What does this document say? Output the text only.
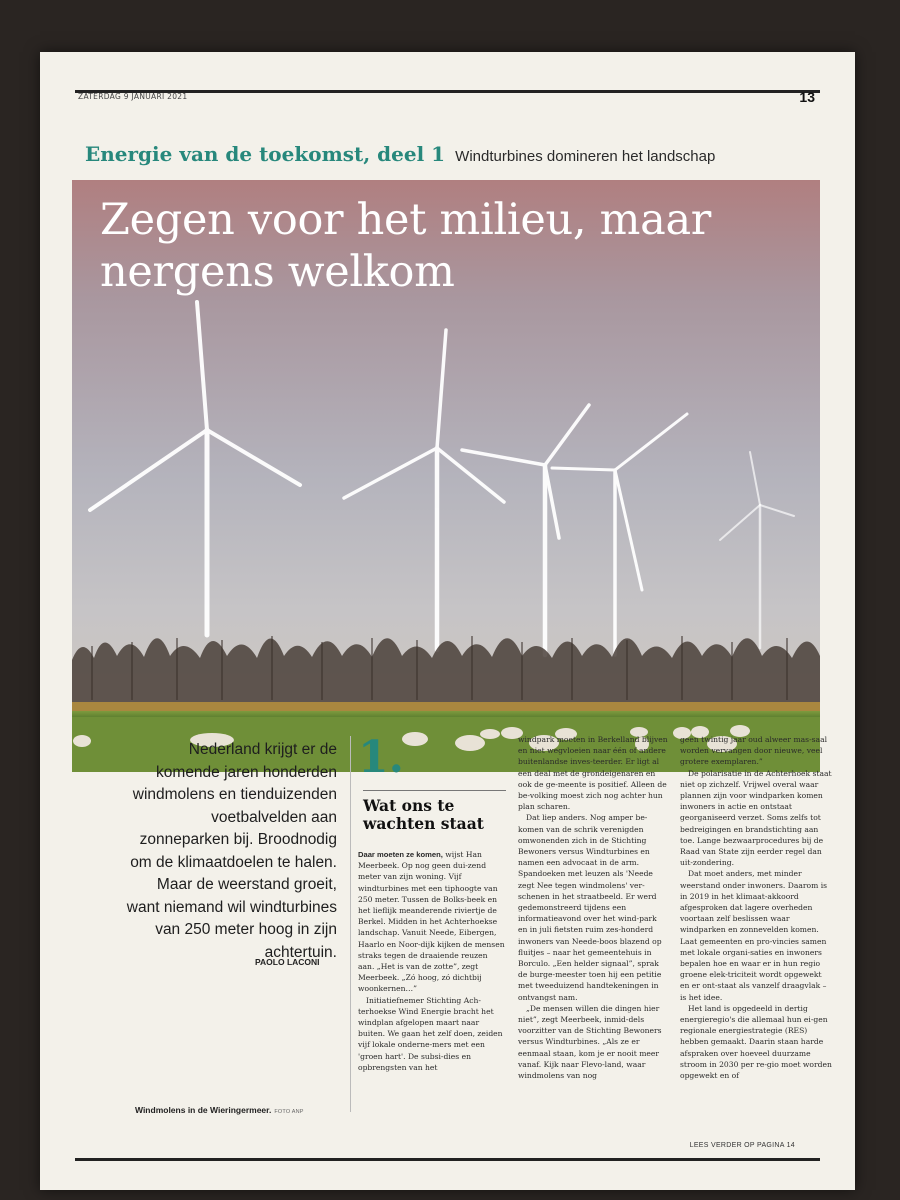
ZATERDAG 9 JANUARI 2021	13
Energie van de toekomst, deel 1 Windturbines domineren het landschap
Zegen voor het milieu, maar nergens welkom
Nederland krijgt er de komende jaren honderden windmolens en tienduizenden voetbalvelden aan zonneparken bij. Broodnodig om de klimaatdoelen te halen. Maar de weerstand groeit, want niemand wil windturbines van 250 meter hoog in zijn achtertuin.
PAOLO LACONI
Windmolens in de Wieringermeer. FOTO ANP
1.
Wat ons te wachten staat

Daar moeten ze komen, wijst Han Meerbeek. Op nog geen dui-zend meter van zijn woning. Vijf windturbines met een tiphoogte van 250 meter. Tussen de Bolks-beek en het lieflijk meanderende riviertje de Berkel. Midden in het Achterhoekse landschap. Vanuit Neede, Eibergen, Haarlo en Noor-dijk kijken de mensen straks tegen de draaiende reuzen aan. „Het is van de zotte”, zegt Meerbeek. „Zó hoog, zó dichtbij woonkernen…”

Initiatiefnemer Stichting Ach-terhoekse Wind Energie bracht het windplan afgelopen maart naar buiten. We gaan het zelf doen, zeiden vijf lokale onderne-mers met een 'groen hart'. De subsi-dies en opbrengsten van het

windpark moeten in Berkelland blijven en niet wegvloeien naar één of andere buitenlandse inves-teerder. Er ligt al een deal met de grondeigenaren en ook de ge-meente is positief. Alleen de be-volking moest zich nog achter hun plan scharen.

Dat liep anders. Nog amper be-komen van de schrik verenigden omwonenden zich in de Stichting Bewoners versus Windturbines en namen een advocaat in de arm. Spandoeken met leuzen als 'Neede zegt Nee tegen windmolens' ver-schenen in het straatbeeld. Er werd gedemonstreerd tijdens een informatieavond over het wind-park en in juli fietsten ruim zes-honderd inwoners van Neede-boos blazend op fluitjes – naar het gemeentehuis in Borculo. „Een helder signaal”, sprak de burge-meester toen hij een petitie met tweeduizend handtekeningen in ontvangst nam.

„De mensen willen die dingen hier niet”, zegt Meerbeek, inmid-dels voorzitter van de Stichting Bewoners versus Windturbines. „Als ze er eenmaal staan, kom je er nooit meer vanaf. Kijk naar Flevo-land, waar windmolens van nog

geen twintig jaar oud alweer mas-saal worden vervangen door nieuwe, veel grotere exemplaren.”

De polarisatie in de Achterhoek staat niet op zichzelf. Vrijwel overal waar plannen zijn voor windparken komen inwoners in actie en ontstaat georganiseerd verzet. Soms zelfs tot bedreigingen en brandstichting aan toe. Lange bezwaarprocedures bij de Raad van State zijn eerder regel dan uit-zondering.

Dat moet anders, met minder weerstand onder inwoners. Daarom is in 2019 in het klimaat-akkoord afgesproken dat lagere overheden voortaan zelf beslissen waar windparken en zonnevelden komen. Laat gemeenten en pro-vincies samen met lokale organi-saties en inwoners bepalen hoe en waar er in hun regio groene elek-triciteit wordt opgewekt en er ont-staat als vanzelf draagvlak – is het idee.

Het land is opgedeeld in dertig energieregio's die allemaal hun ei-gen regionale energiestrategie (RES) hebben gemaakt. Daarin staan harde afspraken over hoeveel duurzame stroom in 2030 per re-gio moet worden opgewekt en of

LEES VERDER OP PAGINA 14
